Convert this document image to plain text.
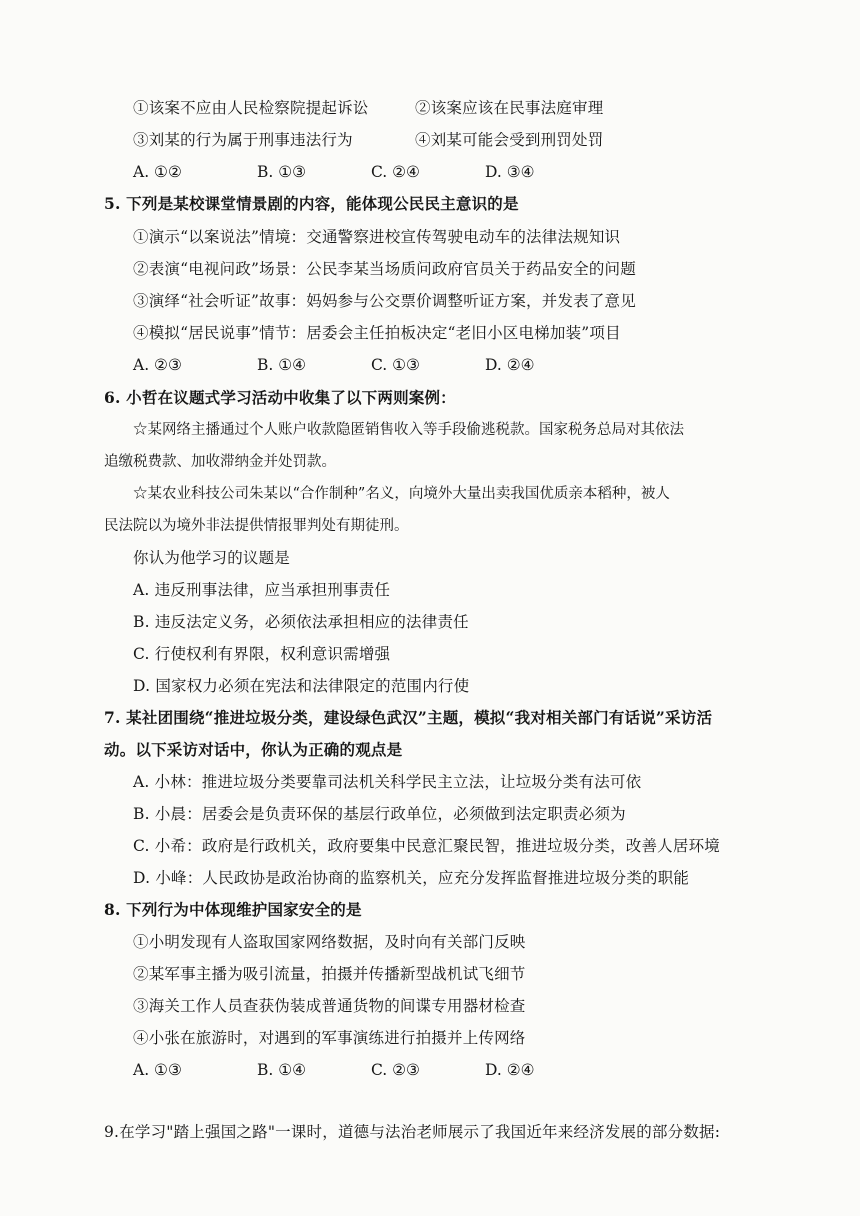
①该案不应由人民检察院提起诉讼	②该案应该在民事法庭审理
③刘某的行为属于刑事违法行为	④刘某可能会受到刑罚处罚
A. ①②	B. ①③	C. ②④	D. ③④
5. 下列是某校课堂情景剧的内容，能体现公民民主意识的是
①演示“以案说法”情境：交通警察进校宣传驾驶电动车的法律法规知识
②表演“电视问政”场景：公民李某当场质问政府官员关于药品安全的问题
③演绎“社会听证”故事：妈妈参与公交票价调整听证方案，并发表了意见
④模拟“居民说事”情节：居委会主任拍板决定“老旧小区电梯加装”项目
A. ②③	B. ①④	C. ①③	D. ②④
6. 小哲在议题式学习活动中收集了以下两则案例：
☆某网络主播通过个人账户收款隐匿销售收入等手段偷逃税款。国家税务总局对其依法
追缴税费款、加收滞纳金并处罚款。
☆某农业科技公司朱某以“合作制种”名义，向境外大量出卖我国优质亲本稻种，被人
民法院以为境外非法提供情报罪判处有期徒刑。
你认为他学习的议题是
A. 违反刑事法律，应当承担刑事责任
B. 违反法定义务，必须依法承担相应的法律责任
C. 行使权利有界限，权利意识需增强
D. 国家权力必须在宪法和法律限定的范围内行使
7. 某社团围绕“推进垃圾分类，建设绿色武汉”主题，模拟“我对相关部门有话说”采访活
动。以下采访对话中，你认为正确的观点是
A. 小林：推进垃圾分类要靠司法机关科学民主立法，让垃圾分类有法可依
B. 小晨：居委会是负责环保的基层行政单位，必须做到法定职责必须为
C. 小希：政府是行政机关，政府要集中民意汇聚民智，推进垃圾分类，改善人居环境
D. 小峰：人民政协是政治协商的监察机关，应充分发挥监督推进垃圾分类的职能
8. 下列行为中体现维护国家安全的是
①小明发现有人盗取国家网络数据，及时向有关部门反映
②某军事主播为吸引流量，拍摄并传播新型战机试飞细节
③海关工作人员查获伪装成普通货物的间谍专用器材检查
④小张在旅游时，对遇到的军事演练进行拍摄并上传网络
A. ①③	B. ①④	C. ②③	D. ②④
9.在学习"踏上强国之路"一课时，道德与法治老师展示了我国近年来经济发展的部分数据:
